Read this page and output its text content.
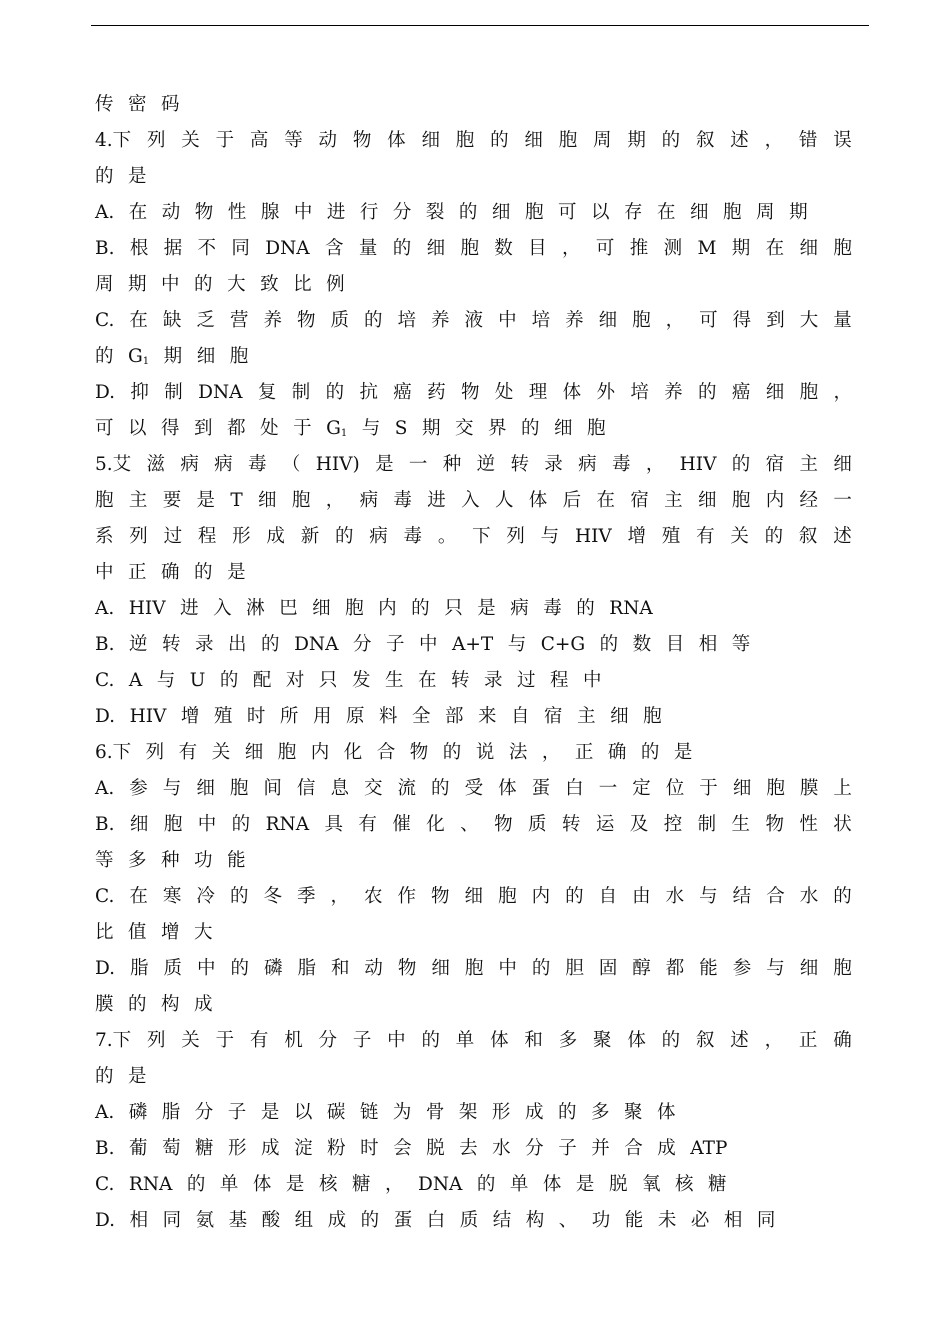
传 密 码
4.下 列 关 于 高 等 动 物 体 细 胞 的 细 胞 周 期 的 叙 述 ， 错 误
的 是
A. 在 动 物 性 腺 中 进 行 分 裂 的 细 胞 可 以 存 在 细 胞 周 期
B. 根 据 不 同 DNA 含 量 的 细 胞 数 目 ， 可 推 测 M 期 在 细 胞
周 期 中 的 大 致 比 例
C. 在 缺 乏 营 养 物 质 的 培 养 液 中 培 养 细 胞 ， 可 得 到 大 量
的 $G_1$ 期 细 胞
D. 抑 制 DNA 复 制 的 抗 癌 药 物 处 理 体 外 培 养 的 癌 细 胞 ，
可 以 得 到 都 处 于 $G_1$ 与 S 期 交 界 的 细 胞
5.艾 滋 病 病 毒 （ HIV) 是 一 种 逆 转 录 病 毒 ， HIV 的 宿 主 细
胞 主 要 是 T 细 胞 ， 病 毒 进 入 人 体 后 在 宿 主 细 胞 内 经 一
系 列 过 程 形 成 新 的 病 毒 。 下 列 与 HIV 增 殖 有 关 的 叙 述
中 正 确 的 是
A. HIV 进 入 淋 巴 细 胞 内 的 只 是 病 毒 的 RNA
B. 逆 转 录 出 的 DNA 分 子 中 A+T 与 C+G 的 数 目 相 等
C. A 与 U 的 配 对 只 发 生 在 转 录 过 程 中
D. HIV 增 殖 时 所 用 原 料 全 部 来 自 宿 主 细 胞
6.下 列 有 关 细 胞 内 化 合 物 的 说 法 ， 正 确 的 是
A. 参 与 细 胞 间 信 息 交 流 的 受 体 蛋 白 一 定 位 于 细 胞 膜 上
B. 细 胞 中 的 RNA 具 有 催 化 、 物 质 转 运 及 控 制 生 物 性 状
等 多 种 功 能
C. 在 寒 冷 的 冬 季 ， 农 作 物 细 胞 内 的 自 由 水 与 结 合 水 的
比 值 增 大
D. 脂 质 中 的 磷 脂 和 动 物 细 胞 中 的 胆 固 醇 都 能 参 与 细 胞
膜 的 构 成
7.下 列 关 于 有 机 分 子 中 的 单 体 和 多 聚 体 的 叙 述 ， 正 确
的 是
A. 磷 脂 分 子 是 以 碳 链 为 骨 架 形 成 的 多 聚 体
B. 葡 萄 糖 形 成 淀 粉 时 会 脱 去 水 分 子 并 合 成 ATP
C. RNA 的 单 体 是 核 糖 ， DNA 的 单 体 是 脱 氧 核 糖
D. 相 同 氨 基 酸 组 成 的 蛋 白 质 结 构 、 功 能 未 必 相 同
